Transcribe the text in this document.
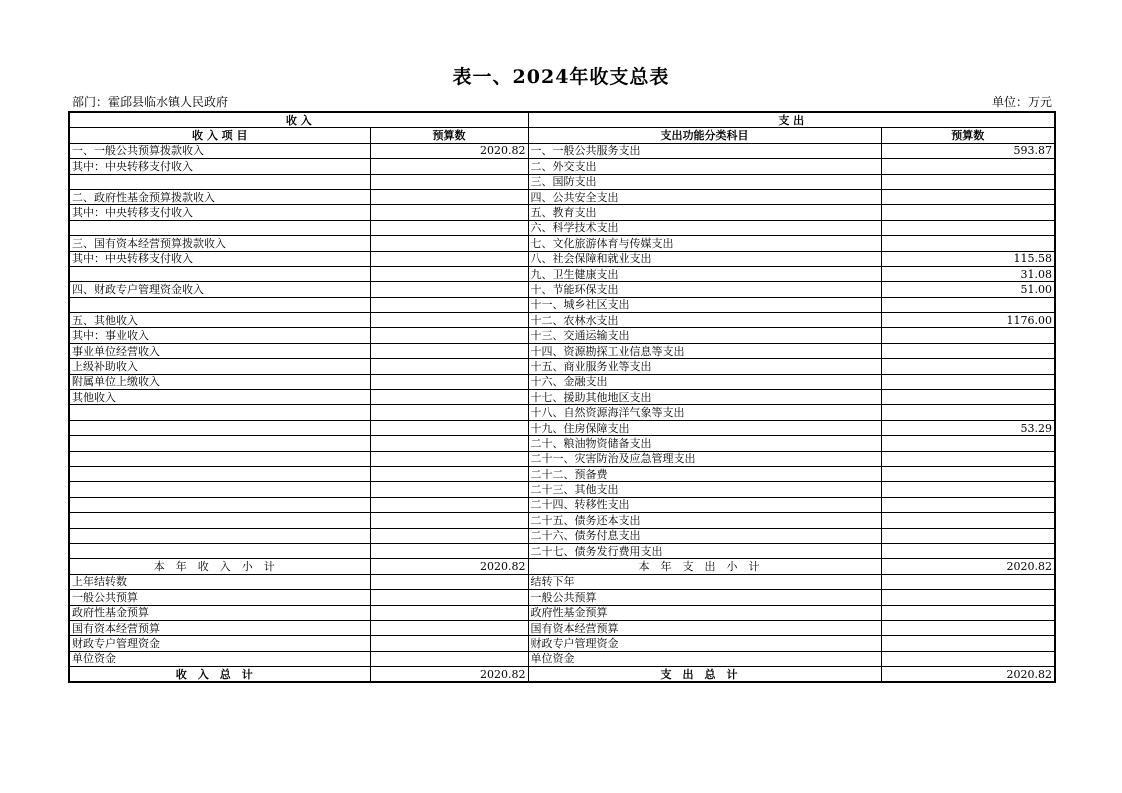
表一、2024年收支总表
部门：霍邱县临水镇人民政府	单位：万元
收 入		支 出	
收 入 项 目	预算数	支出功能分类科目	预算数
一、一般公共预算拨款收入	2020.82	一、一般公共服务支出	593.87
其中：中央转移支付收入		二、外交支出	
		三、国防支出	
二、政府性基金预算拨款收入		四、公共安全支出	
其中：中央转移支付收入		五、教育支出	
		六、科学技术支出	
三、国有资本经营预算拨款收入		七、文化旅游体育与传媒支出	
其中：中央转移支付收入		八、社会保障和就业支出	115.58
		九、卫生健康支出	31.08
四、财政专户管理资金收入		十、节能环保支出	51.00
		十一、城乡社区支出	
五、其他收入		十二、农林水支出	1176.00
其中：事业收入		十三、交通运输支出	
事业单位经营收入		十四、资源勘探工业信息等支出	
上级补助收入		十五、商业服务业等支出	
附属单位上缴收入		十六、金融支出	
其他收入		十七、援助其他地区支出	
		十八、自然资源海洋气象等支出	
		十九、住房保障支出	53.29
		二十、粮油物资储备支出	
		二十一、灾害防治及应急管理支出	
		二十二、预备费	
		二十三、其他支出	
		二十四、转移性支出	
		二十五、债务还本支出	
		二十六、债务付息支出	
		二十七、债务发行费用支出	
本年收入小计	2020.82	本年支出小计	2020.82
上年结转数		结转下年	
一般公共预算		一般公共预算	
政府性基金预算		政府性基金预算	
国有资本经营预算		国有资本经营预算	
财政专户管理资金		财政专户管理资金	
单位资金		单位资金	
收入总计	2020.82	支出总计	2020.82
